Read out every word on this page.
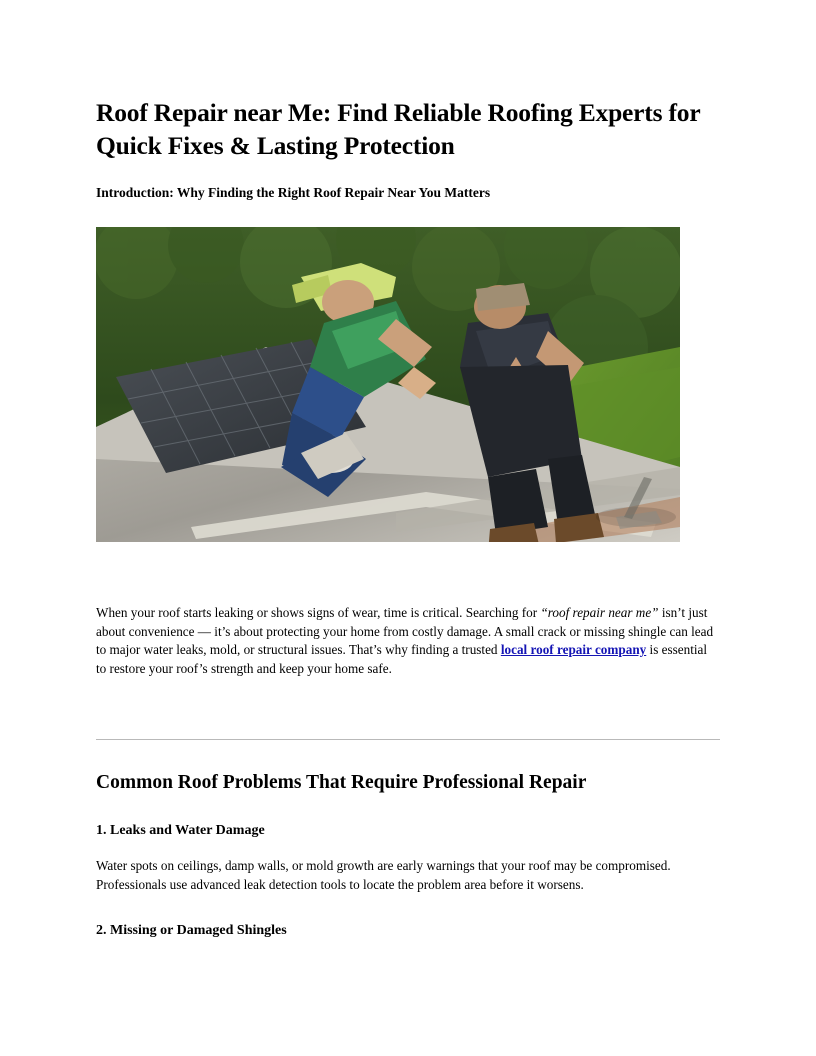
Roof Repair near Me: Find Reliable Roofing Experts for Quick Fixes & Lasting Protection
Introduction: Why Finding the Right Roof Repair Near You Matters
When your roof starts leaking or shows signs of wear, time is critical. Searching for “roof repair near me” isn’t just about convenience — it’s about protecting your home from costly damage. A small crack or missing shingle can lead to major water leaks, mold, or structural issues. That’s why finding a trusted local roof repair company is essential to restore your roof’s strength and keep your home safe.
Common Roof Problems That Require Professional Repair
1. Leaks and Water Damage

Water spots on ceilings, damp walls, or mold growth are early warnings that your roof may be compromised. Professionals use advanced leak detection tools to locate the problem area before it worsens.

2. Missing or Damaged Shingles
